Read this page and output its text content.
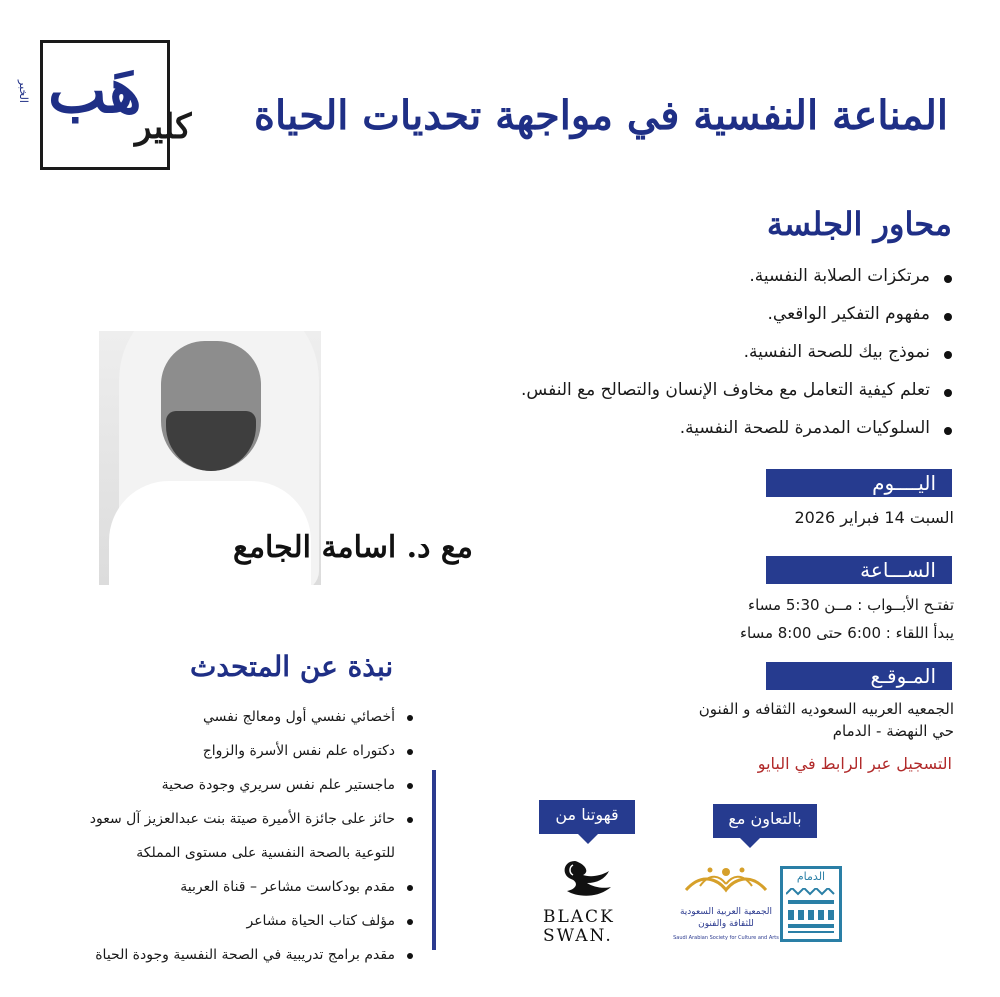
الخبر هَب
كلير المناعة النفسية في مواجهة تحديات الحياة
محاور الجلسة
مرتكزات الصلابة النفسية.
مفهوم التفكير الواقعي.
نموذج بيك للصحة النفسية.
تعلم كيفية التعامل مع مخاوف الإنسان والتصالح مع النفس.
السلوكيات المدمرة للصحة النفسية.
مع د. اسامة الجامع
اليــــوم
السبت 14 فبراير 2026
الســـاعة
تفتـح الأبــواب : مــن 5:30 مساء
يبدأ اللقاء : 6:00 حتى 8:00 مساء
المـوقـع
الجمعيه العربيه السعوديه الثقافه و الفنون
حي النهضة - الدمام
التسجيل عبر الرابط في البايو
نبذة عن المتحدث
أخصائي نفسي أول ومعالج نفسي
دكتوراه علم نفس الأسرة والزواج
ماجستير علم نفس سريري وجودة صحية
حائز على جائزة الأميرة صيتة بنت عبدالعزيز آل سعود
للتوعية بالصحة النفسية على مستوى المملكة
مقدم بودكاست مشاعر – قناة العربية
مؤلف كتاب الحياة مشاعر
مقدم برامج تدريبية في الصحة النفسية وجودة الحياة
قهوتنا من
BLACK
SWAN.
بالتعاون مع
الجمعية العربية السعودية للثقافة والفنون
Saudi Arabian Society for Culture and Arts
الدمام
